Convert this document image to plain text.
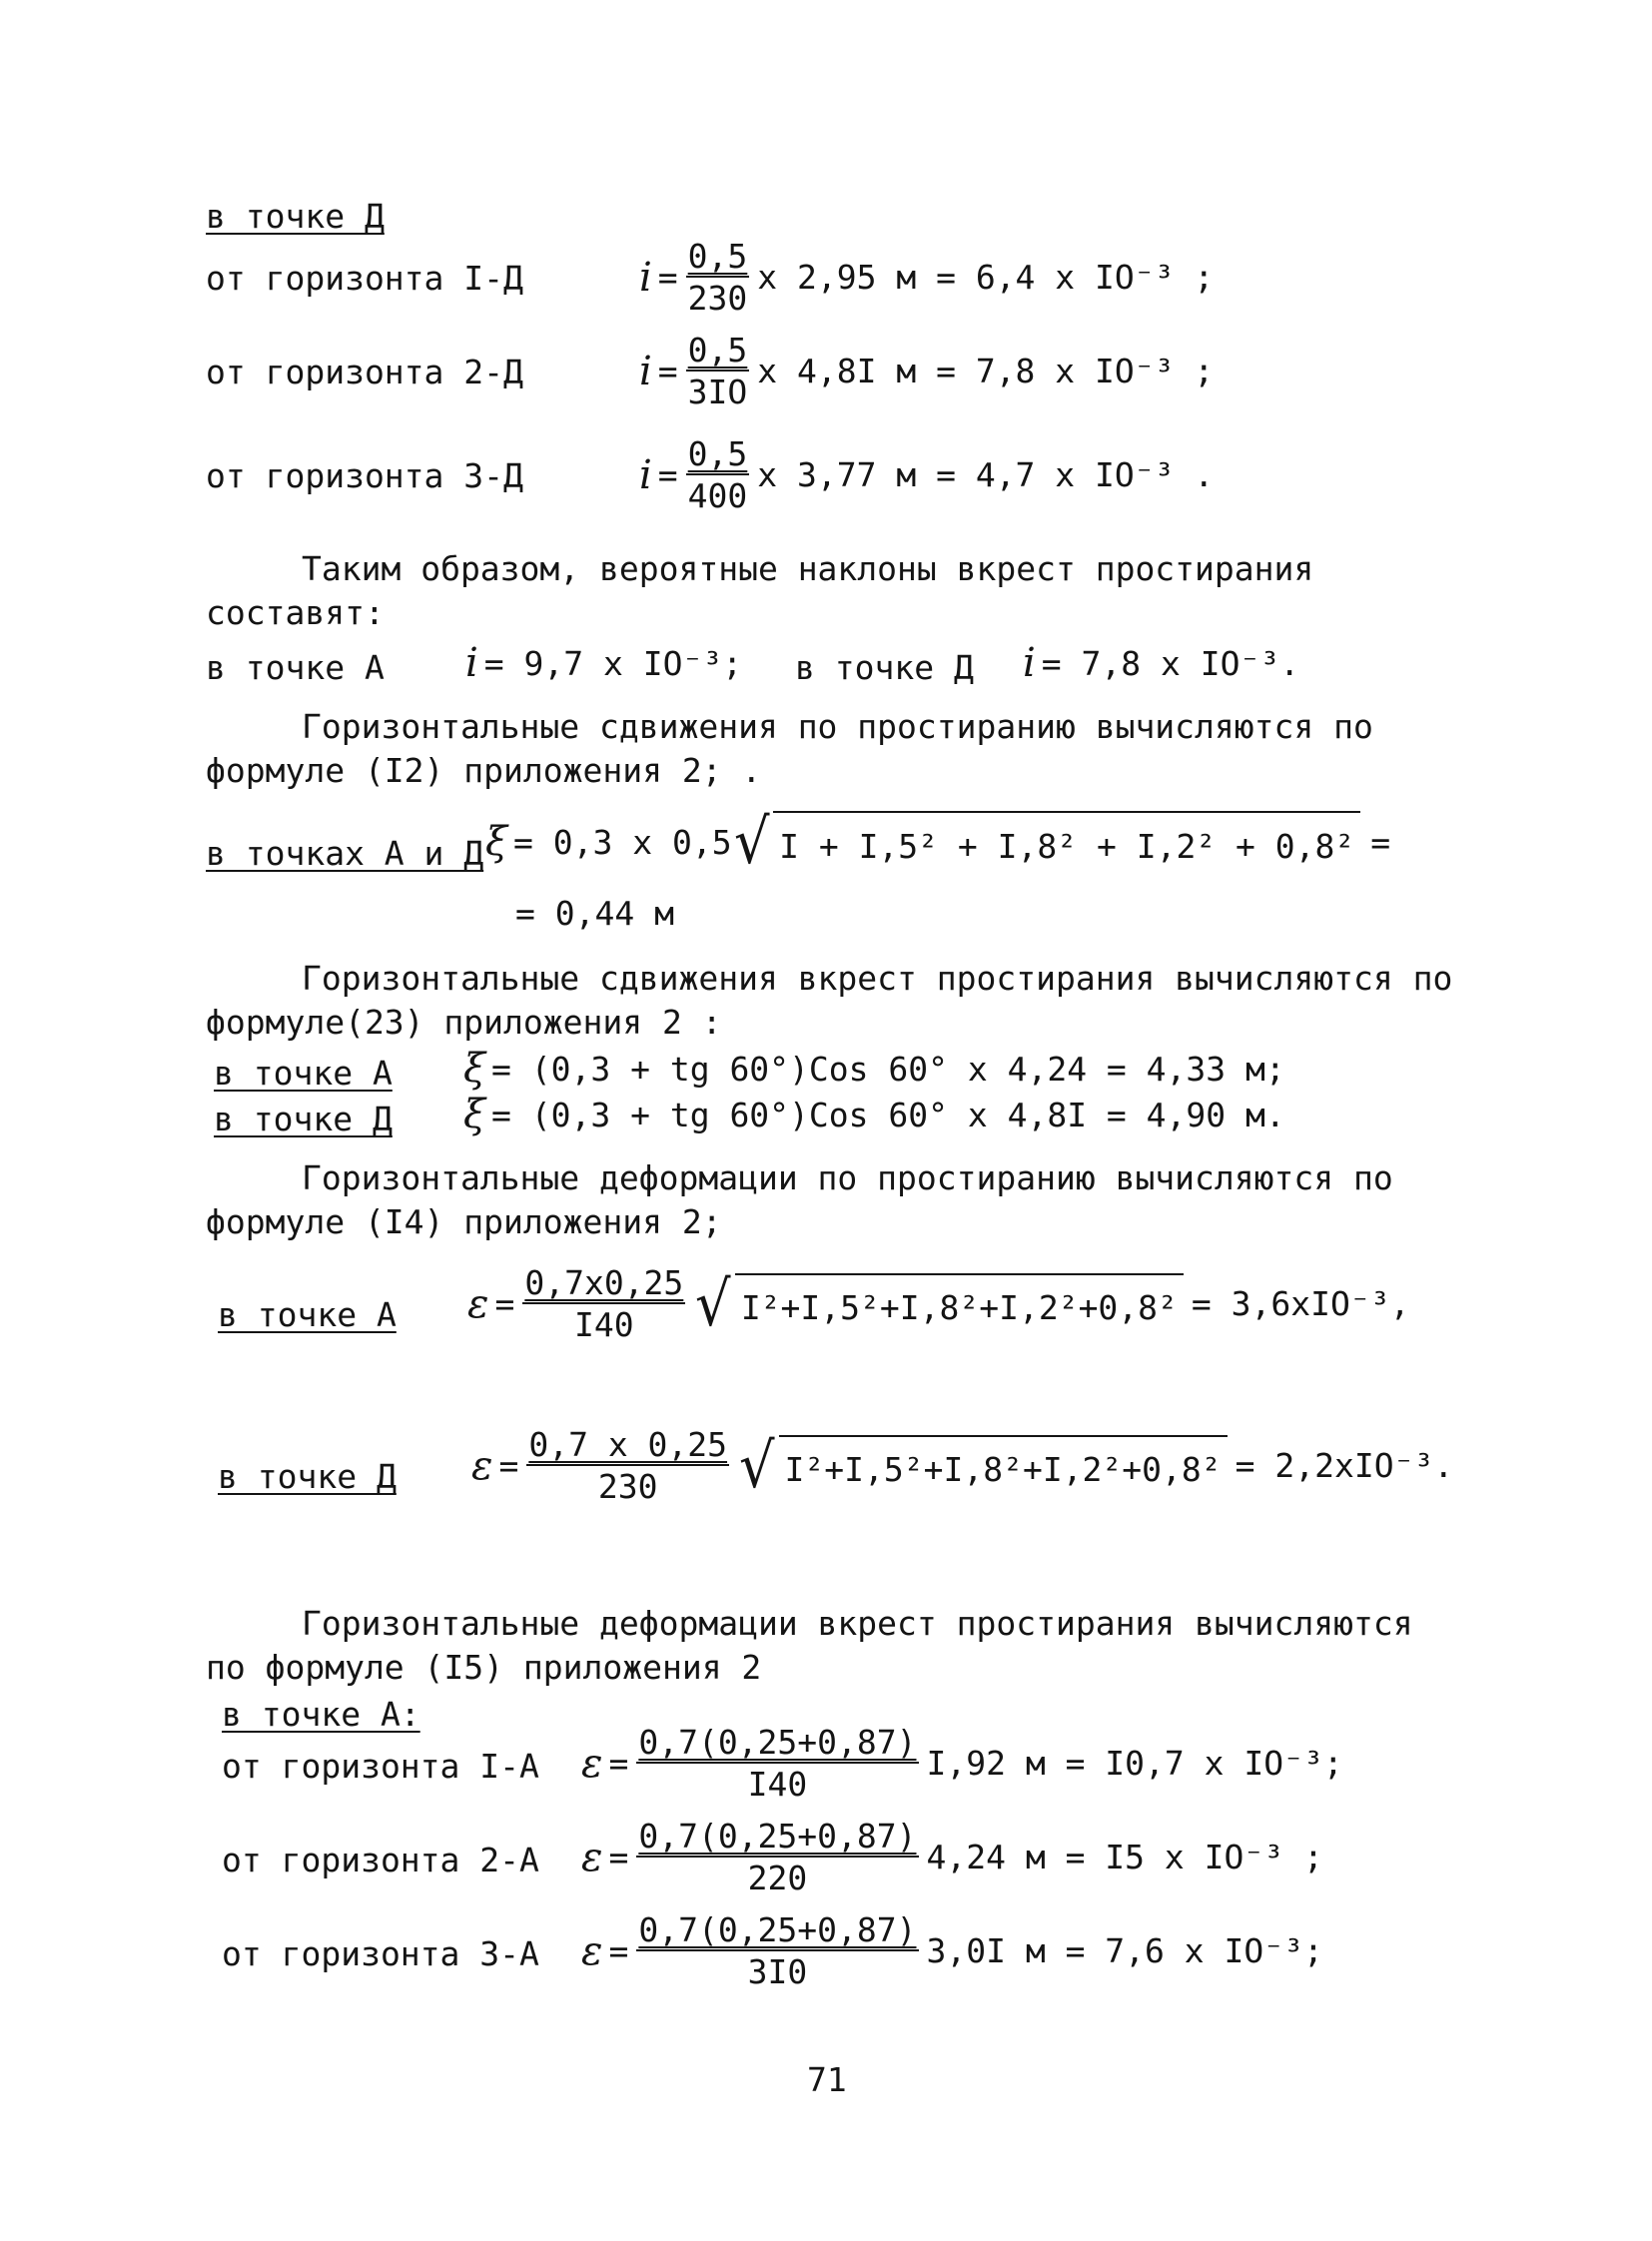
в точке Д
от горизонта I-Д	$i = \frac{0,5}{230}$ x 2,95 м = 6,4 x IO⁻³ ;
от горизонта 2-Д	$i = \frac{0,5}{3IO}$ x 4,8I м = 7,8 x IO⁻³ ;
от горизонта 3-Д	$i = \frac{0,5}{400}$ x 3,77 м = 4,7 x IO⁻³ .
Таким образом, вероятные наклоны вкрест простирания составят:
в точке А i = 9,7 x IO⁻³; в точке Д i = 7,8 x IO⁻³.
Горизонтальные сдвижения по простиранию вычисляются по формуле (I2) приложения 2; .
в точках А и Д ξ = 0,3 x 0,5 √ I + I,5² + I,8² + I,2² + 0,8² =
= 0,44 м
Горизонтальные сдвижения вкрест простирания вычисляются по формуле(23) приложения 2 :
в точке А ξ = (0,3 + tg 60°)Cos 60° x 4,24 = 4,33 м;
в точке Д ξ = (0,3 + tg 60°)Cos 60° x 4,8I = 4,90 м.
Горизонтальные деформации по простиранию вычисляются по формуле (I4) приложения 2;
в точке А $\varepsilon = \frac{0,7x0,25}{I40}$ √ I²+I,5²+I,8²+I,2²+0,8² = 3,6xIO⁻³,
в точке Д $\varepsilon = \frac{0,7 x 0,25}{230}$ √ I²+I,5²+I,8²+I,2²+0,8² = 2,2xIO⁻³.
Горизонтальные деформации вкрест простирания вычисляются по формуле (I5) приложения 2
в точке А:
от горизонта I-А $\varepsilon = \frac{0,7(0,25+0,87)}{I40} I,92$ м = I0,7 x IO⁻³;
от горизонта 2-А $\varepsilon = \frac{0,7(0,25+0,87)}{220} 4,24$ м = I5 x IO⁻³ ;
от горизонта 3-А $\varepsilon = \frac{0,7(0,25+0,87)}{3I0} 3,0I$ м = 7,6 x IO⁻³;
71
